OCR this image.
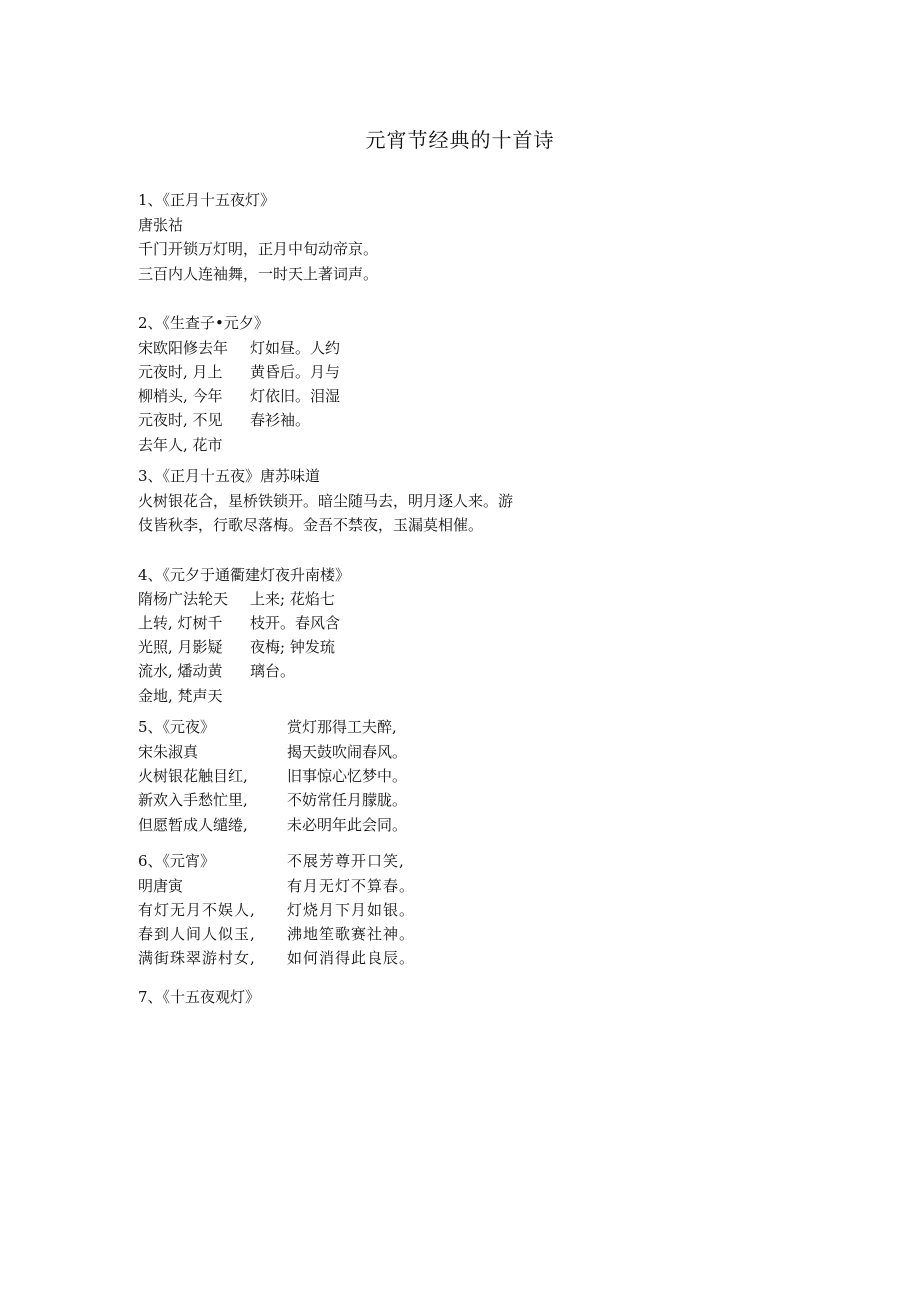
元宵节经典的十首诗
1、《正月十五夜灯》
唐张祜
千门开锁万灯明，正月中旬动帝京。
三百内人连袖舞，一时天上著词声。
2、《生查子•元夕》
宋欧阳修去年
元夜时, 月上
柳梢头, 今年
元夜时, 不见
去年人, 花市
灯如昼。人约
黄昏后。月与
灯依旧。泪湿
春衫袖。
3、《正月十五夜》唐苏味道
火树银花合，星桥铁锁开。暗尘随马去，明月逐人来。游
伎皆秋李，行歌尽落梅。金吾不禁夜，玉漏莫相催。
4、《元夕于通衢建灯夜升南楼》
隋杨广法轮天
上转, 灯树千
光照, 月影疑
流水, 燔动黄
金地, 梵声天
上来; 花焰七
枝开。春风含
夜梅; 钟发琉
璃台。
5、《元夜》
宋朱淑真
火树银花触目红,
新欢入手愁忙里,
但愿暂成人缱绻,
赏灯那得工夫醉,
揭天鼓吹闹春风。
旧事惊心忆梦中。
不妨常任月朦胧。
未必明年此会同。
6、《元宵》
明唐寅
有灯无月不娱人,
春到人间人似玉,
满街珠翠游村女,
不展芳尊开口笑,
有月无灯不算春。
灯烧月下月如银。
沸地笙歌赛社神。
如何消得此良辰。
7、《十五夜观灯》
